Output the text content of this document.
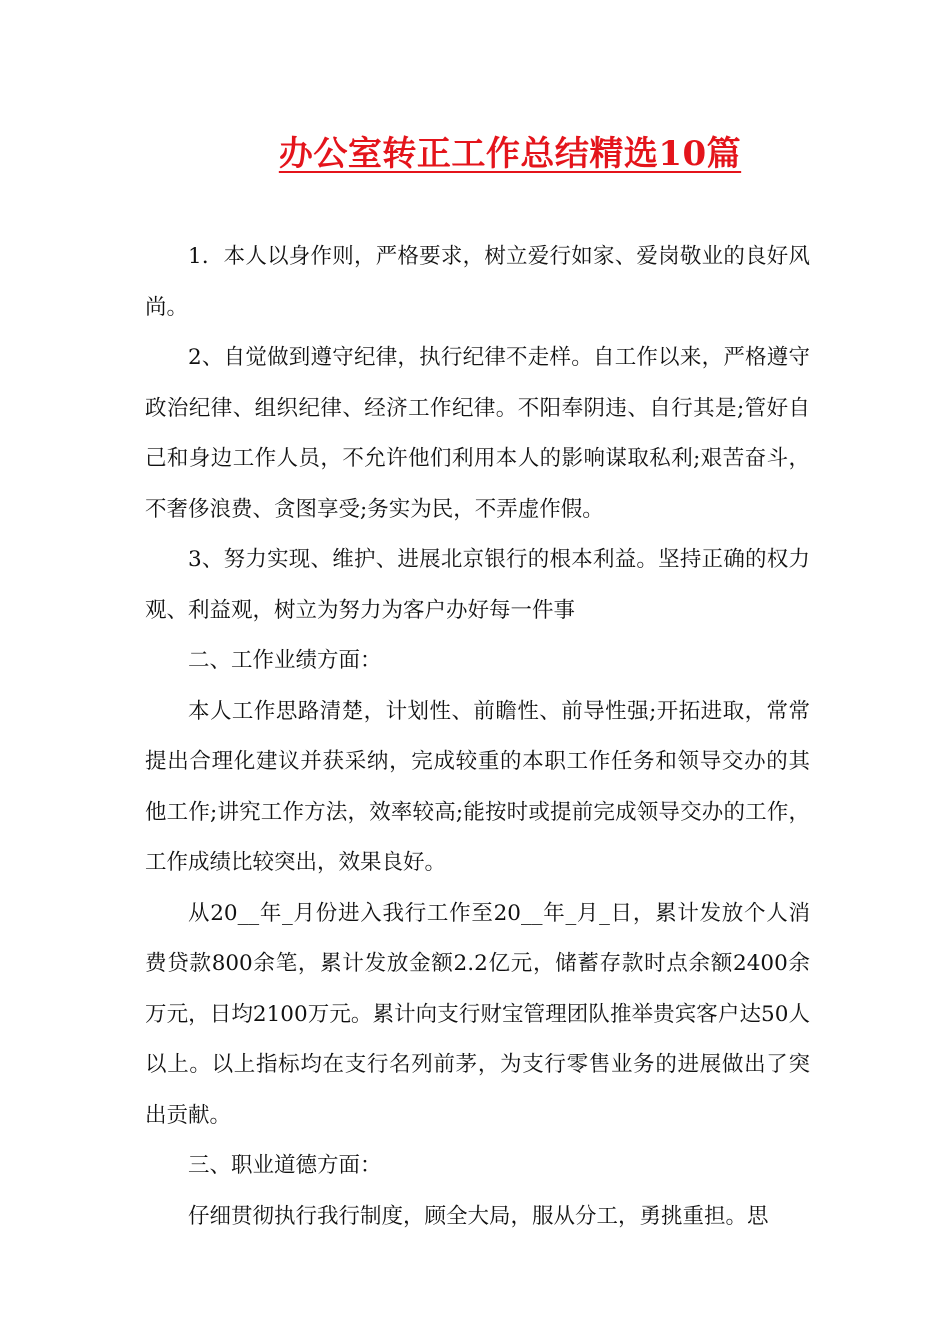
办公室转正工作总结精选10篇

1．本人以身作则，严格要求，树立爱行如家、爱岗敬业的良好风尚。

2、自觉做到遵守纪律，执行纪律不走样。自工作以来，严格遵守政治纪律、组织纪律、经济工作纪律。不阳奉阴违、自行其是;管好自己和身边工作人员，不允许他们利用本人的影响谋取私利;艰苦奋斗，不奢侈浪费、贪图享受;务实为民，不弄虚作假。

3、努力实现、维护、进展北京银行的根本利益。坚持正确的权力观、利益观，树立为努力为客户办好每一件事

二、工作业绩方面：

本人工作思路清楚，计划性、前瞻性、前导性强;开拓进取，常常提出合理化建议并获采纳，完成较重的本职工作任务和领导交办的其他工作;讲究工作方法，效率较高;能按时或提前完成领导交办的工作，工作成绩比较突出，效果良好。

从20__年_月份进入我行工作至20__年_月_日，累计发放个人消费贷款800余笔，累计发放金额2.2亿元，储蓄存款时点余额2400余万元，日均2100万元。累计向支行财宝管理团队推举贵宾客户达50人以上。以上指标均在支行名列前茅，为支行零售业务的进展做出了突出贡献。

三、职业道德方面：

仔细贯彻执行我行制度，顾全大局，服从分工，勇挑重担。思
